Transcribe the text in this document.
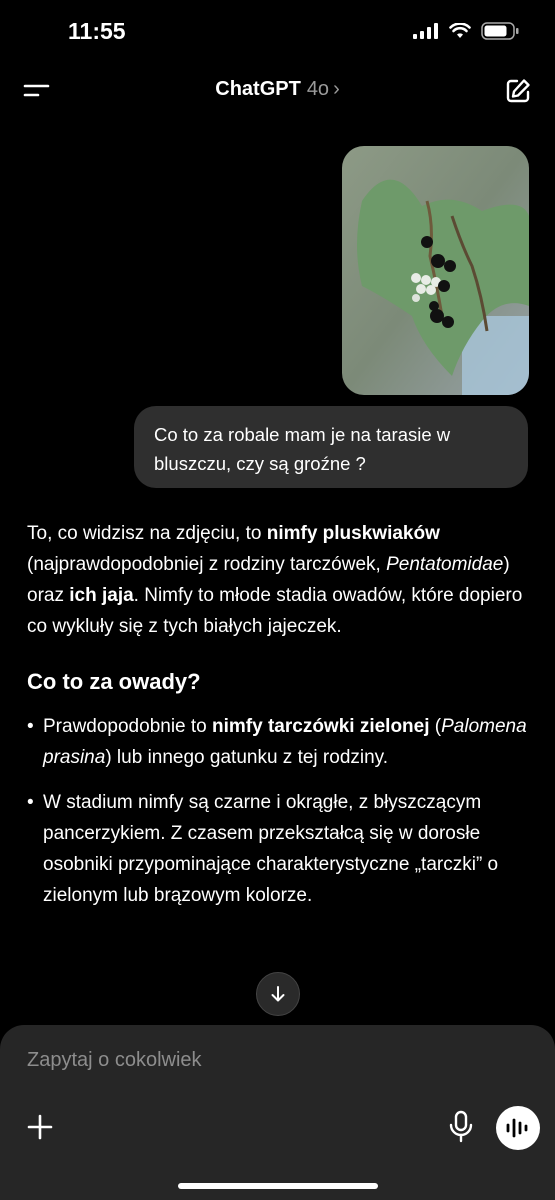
11:55
ChatGPT 4o ›
Co to za robale mam je na tarasie w bluszczu, czy są groźne ?

To, co widzisz na zdjęciu, to nimfy pluskwiaków (najprawdopodobniej z rodziny tarczówek, Pentatomidae) oraz ich jaja. Nimfy to młode stadia owadów, które dopiero co wykluły się z tych białych jajeczek.

Co to za owady?
• Prawdopodobnie to nimfy tarczówki zielonej (Palomena prasina) lub innego gatunku z tej rodziny.
• W stadium nimfy są czarne i okrągłe, z błyszczącym pancerzykiem. Z czasem przekształcą się w dorosłe osobniki przypominające charakterystyczne „tarczki” o zielonym lub brązowym kolorze.
Zapytaj o cokolwiek
